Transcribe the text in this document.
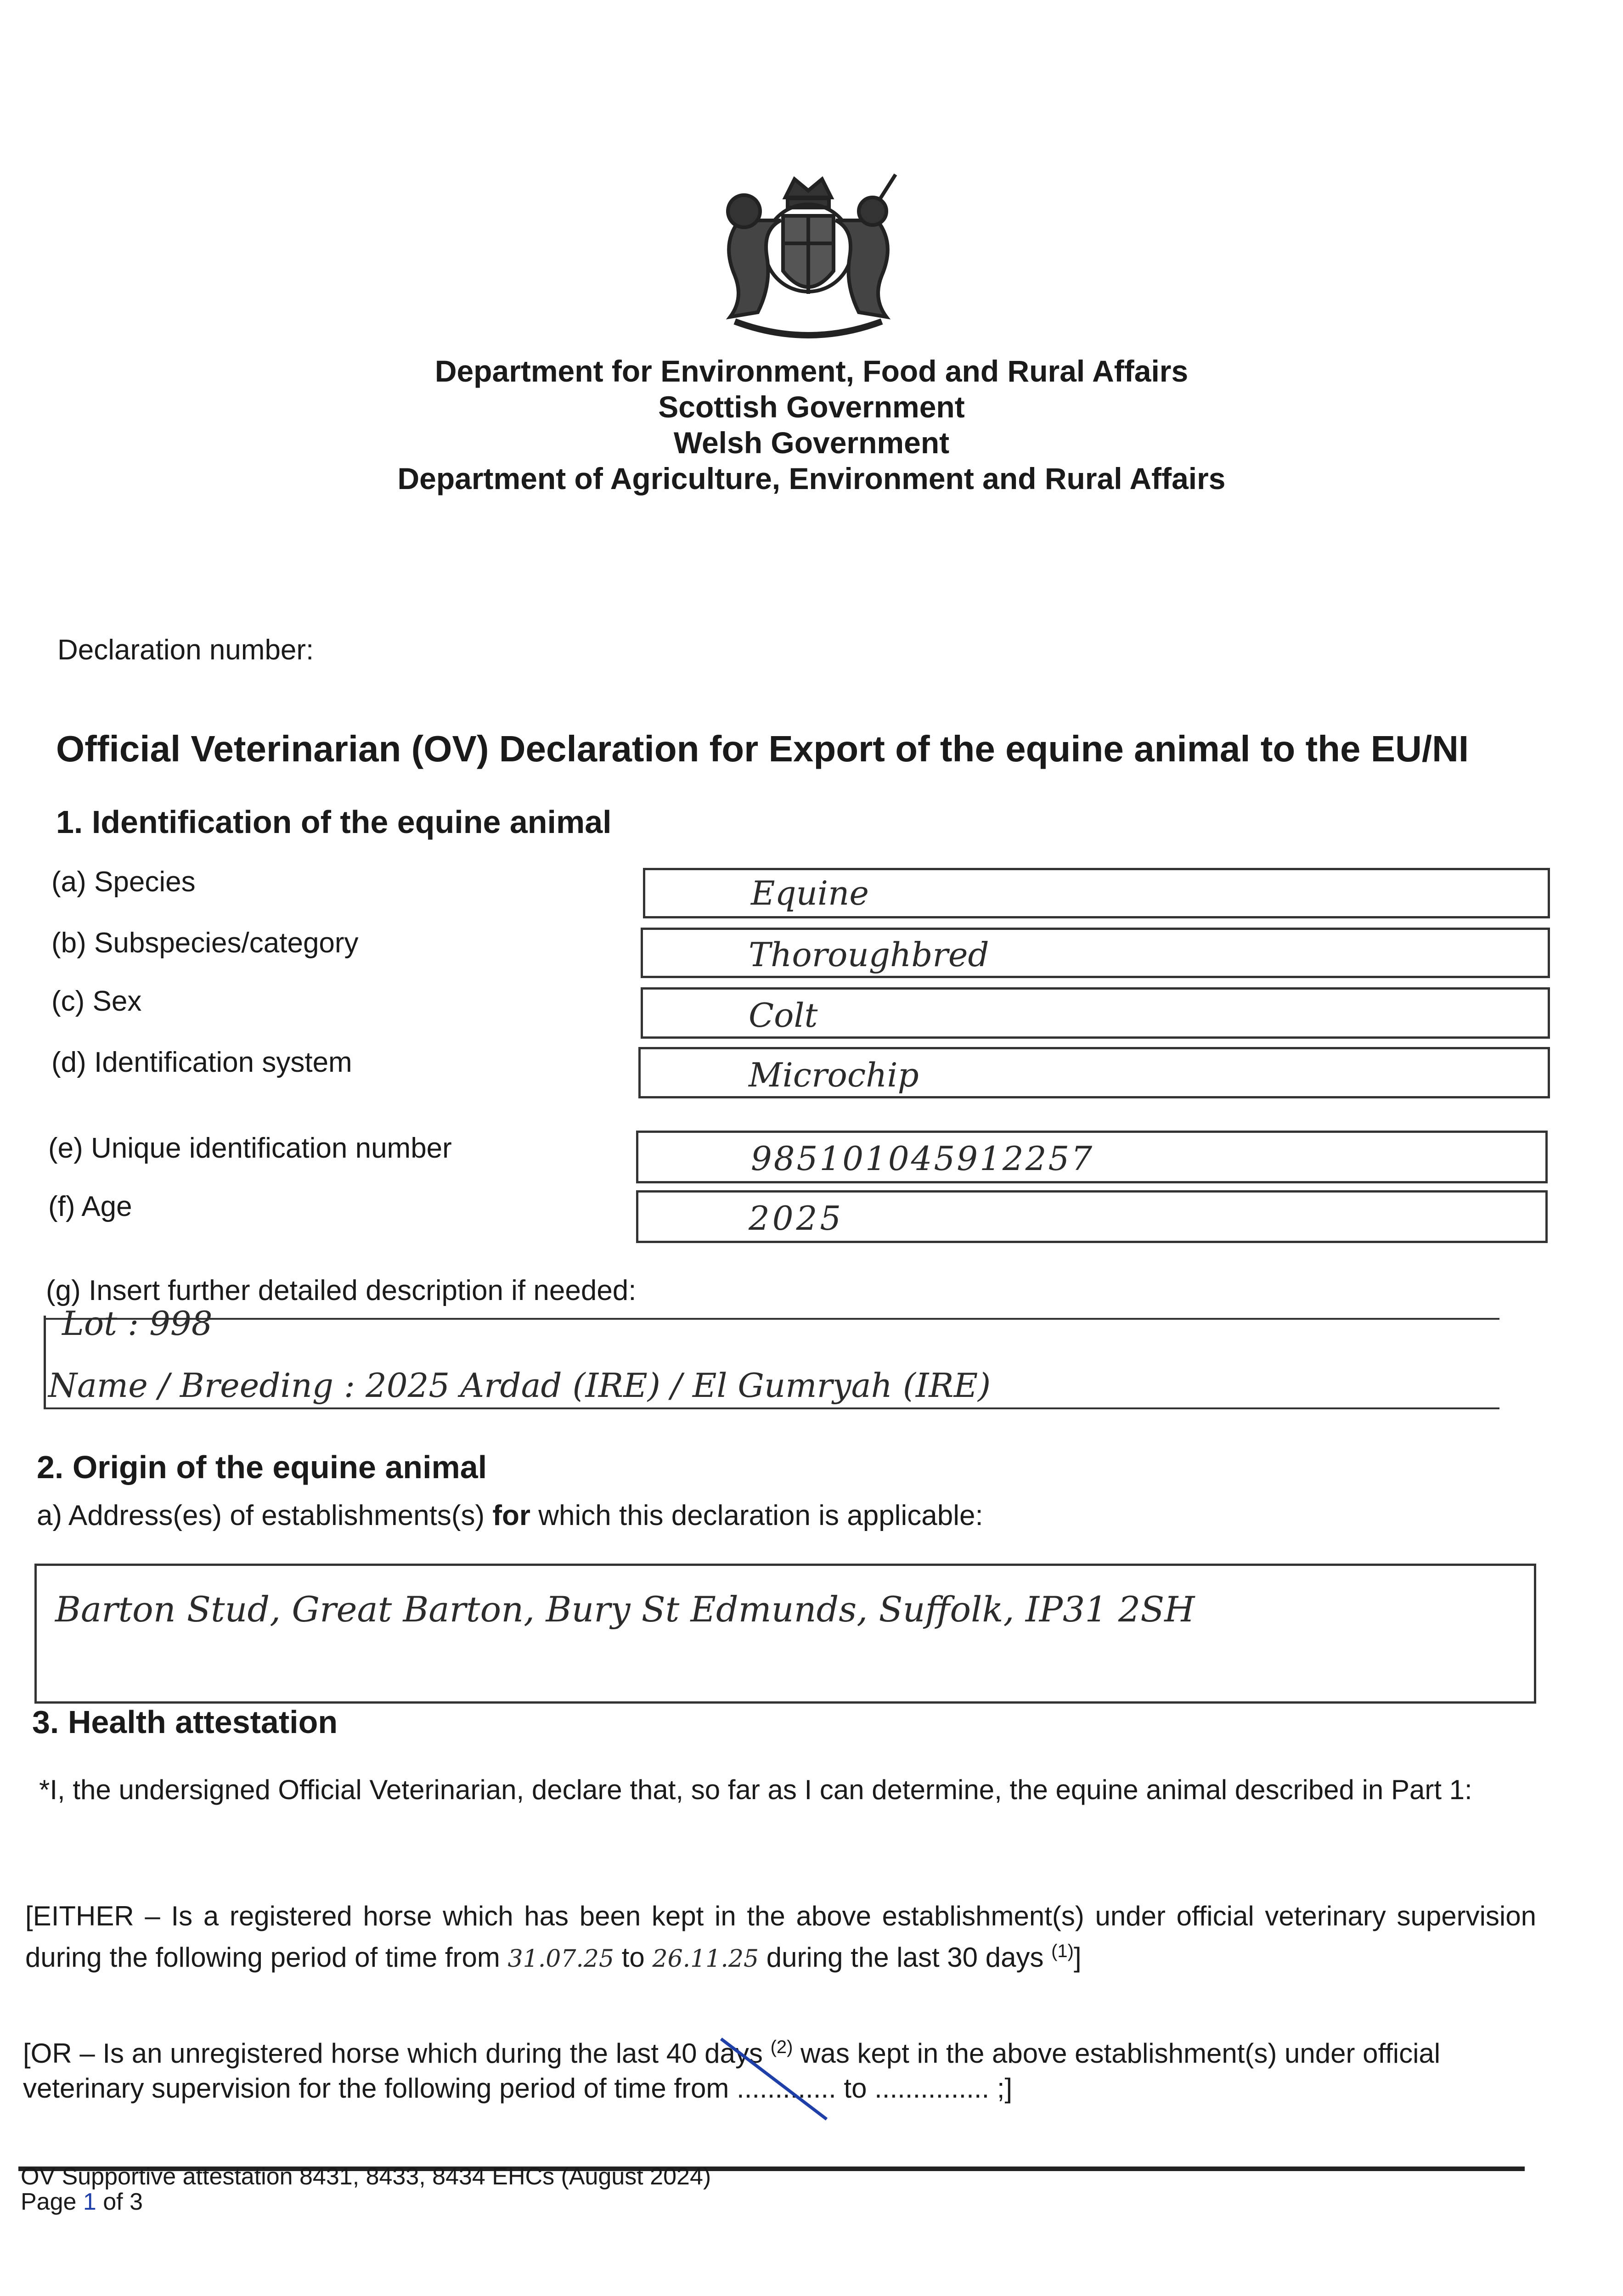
Department for Environment, Food and Rural Affairs
Scottish Government
Welsh Government
Department of Agriculture, Environment and Rural Affairs
Declaration number:
Official Veterinarian (OV) Declaration for Export of the equine animal to the EU/NI
1. Identification of the equine animal
(a) Species	Equine
(b) Subspecies/category	Thoroughbred
(c) Sex	Colt
(d) Identification system	Microchip
(e) Unique identification number	985101045912257
(f) Age	2025
(g) Insert further detailed description if needed:
Lot : 998
Name / Breeding : 2025 Ardad (IRE) / El Gumryah (IRE)
2. Origin of the equine animal
a) Address(es) of establishments(s) for which this declaration is applicable:
Barton Stud, Great Barton, Bury St Edmunds, Suffolk, IP31 2SH
3. Health attestation
*I, the undersigned Official Veterinarian, declare that, so far as I can determine, the equine animal described in Part 1:
[EITHER – Is a registered horse which has been kept in the above establishment(s) under official veterinary supervision during the following period of time from 31.07.25 to 26.11.25 during the last 30 days $^{(1)}$]
[OR – Is an unregistered horse which during the last 40 days $^{(2)}$ was kept in the above establishment(s) under official veterinary supervision for the following period of time from ............. to ............... ;]
OV Supportive attestation 8431, 8433, 8434 EHCs (August 2024)
Page 1 of 3
